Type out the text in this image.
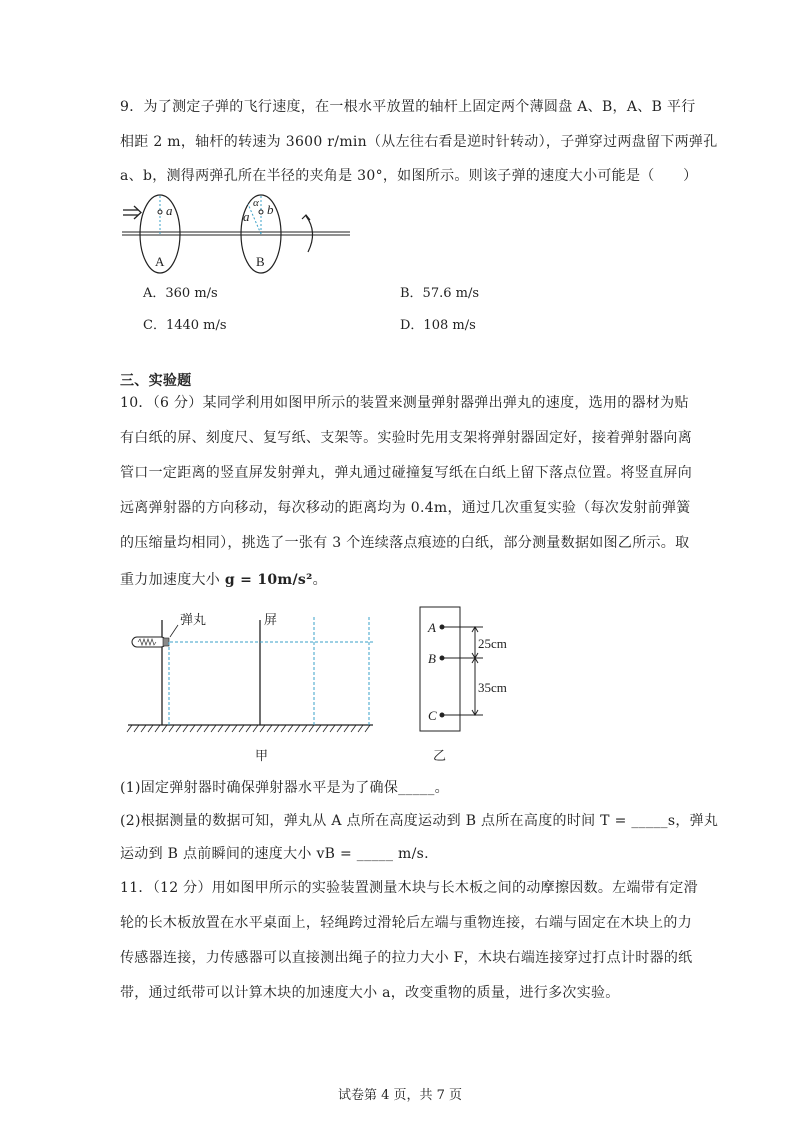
9．为了测定子弹的飞行速度，在一根水平放置的轴杆上固定两个薄圆盘 A、B，A、B 平行
相距 2 m，轴杆的转速为 3600 r/min（从左往右看是逆时针转动），子弹穿过两盘留下两弹孔
a、b，测得两弹孔所在半径的夹角是 30°，如图所示。则该子弹的速度大小可能是（　　）
a	a b
α
A	B
A．360 m/s	B．57.6 m/s
C．1440 m/s	D．108 m/s
三、实验题
10．（6 分）某同学利用如图甲所示的装置来测量弹射器弹出弹丸的速度，选用的器材为贴
有白纸的屏、刻度尺、复写纸、支架等。实验时先用支架将弹射器固定好，接着弹射器向离
管口一定距离的竖直屏发射弹丸，弹丸通过碰撞复写纸在白纸上留下落点位置。将竖直屏向
远离弹射器的方向移动，每次移动的距离均为 0.4m，通过几次重复实验（每次发射前弹簧
的压缩量均相同），挑选了一张有 3 个连续落点痕迹的白纸，部分测量数据如图乙所示。取
重力加速度大小 g = 10m/s²。
弹丸	屏
甲
A
B
C
25cm
35cm
乙
(1)固定弹射器时确保弹射器水平是为了确保_____。
(2)根据测量的数据可知，弹丸从 A 点所在高度运动到 B 点所在高度的时间 T = _____s，弹丸
运动到 B 点前瞬间的速度大小 vB = _____ m/s.
11．（12 分）用如图甲所示的实验装置测量木块与长木板之间的动摩擦因数。左端带有定滑
轮的长木板放置在水平桌面上，轻绳跨过滑轮后左端与重物连接，右端与固定在木块上的力
传感器连接，力传感器可以直接测出绳子的拉力大小 F，木块右端连接穿过打点计时器的纸
带，通过纸带可以计算木块的加速度大小 a，改变重物的质量，进行多次实验。
试卷第 4 页，共 7 页
